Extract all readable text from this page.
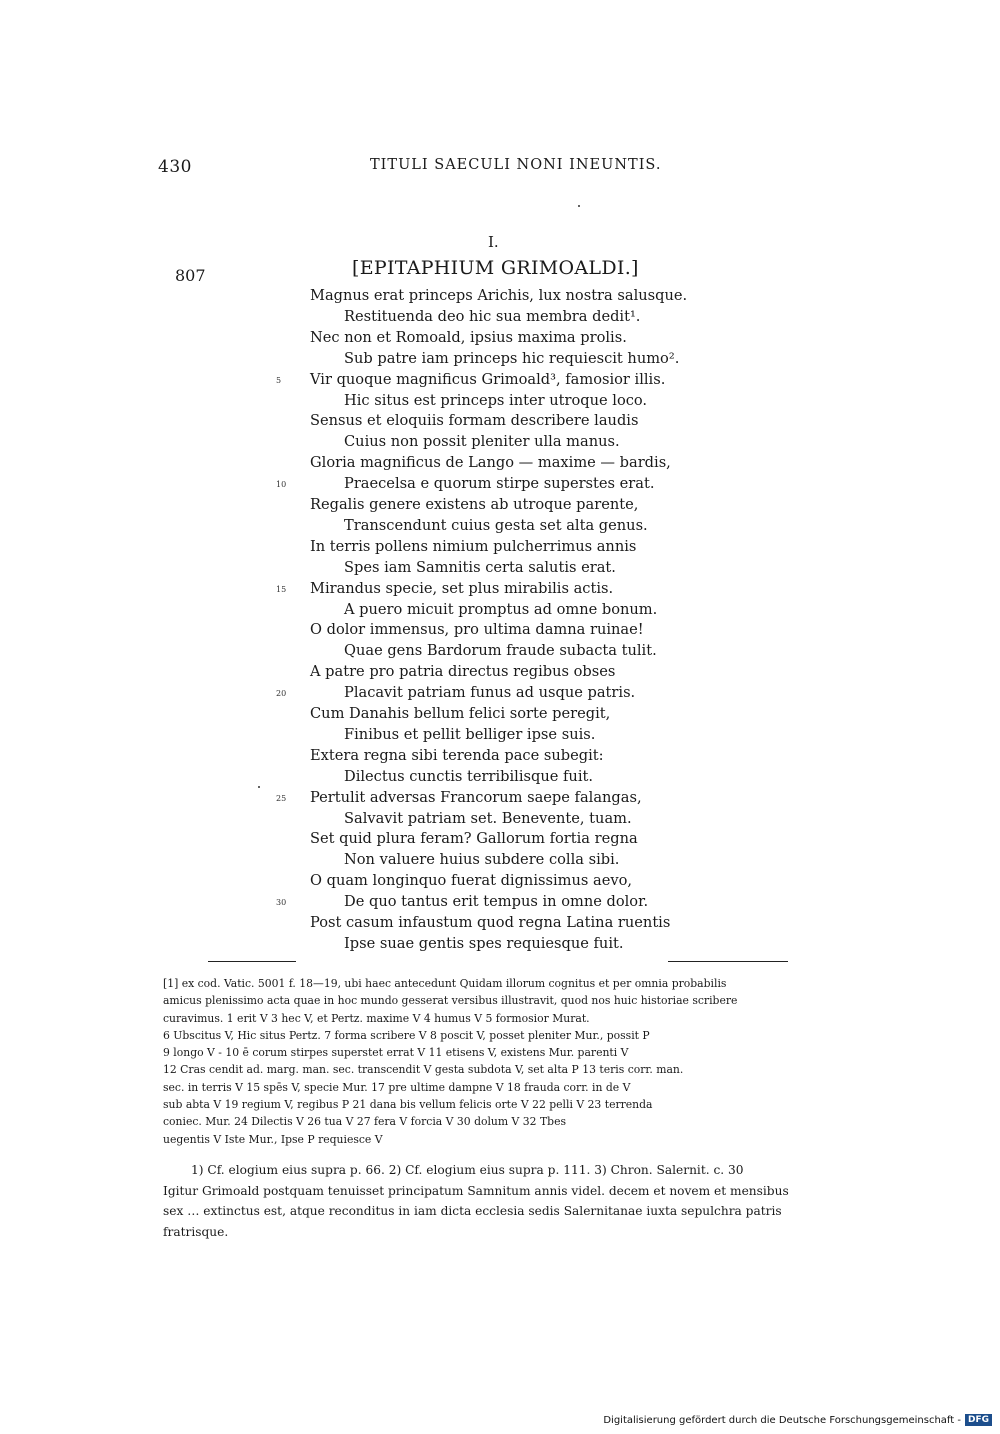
430	TITULI SAECULI NONI INEUNTIS.
I.
807	[EPITAPHIUM GRIMOALDI.]
Magnus erat princeps Arichis, lux nostra salusque.
Restituenda deo hic sua membra dedit¹.
Nec non et Romoald, ipsius maxima prolis.
Sub patre iam princeps hic requiescit humo².
Vir quoque magnificus Grimoald³, famosior illis.
Hic situs est princeps inter utroque loco.
Sensus et eloquiis formam describere laudis
Cuius non possit pleniter ulla manus.
Gloria magnificus de Lango — maxime — bardis,
Praecelsa e quorum stirpe superstes erat.
Regalis genere existens ab utroque parente,
Transcendunt cuius gesta set alta genus.
In terris pollens nimium pulcherrimus annis
Spes iam Samnitis certa salutis erat.
Mirandus specie, set plus mirabilis actis.
A puero micuit promptus ad omne bonum.
O dolor immensus, pro ultima damna ruinae!
Quae gens Bardorum fraude subacta tulit.
A patre pro patria directus regibus obses
Placavit patriam funus ad usque patris.
Cum Danahis bellum felici sorte peregit,
Finibus et pellit belliger ipse suis.
Extera regna sibi terenda pace subegit:
Dilectus cunctis terribilisque fuit.
Pertulit adversas Francorum saepe falangas,
Salvavit patriam set. Benevente, tuam.
Set quid plura feram? Gallorum fortia regna
Non valuere huius subdere colla sibi.
O quam longinquo fuerat dignissimus aevo,
De quo tantus erit tempus in omne dolor.
Post casum infaustum quod regna Latina ruentis
Ipse suae gentis spes requiesque fuit.
5
10
15
20
25
30
[1] ex cod. Vatic. 5001 f. 18—19, ubi haec antecedunt Quidam illorum cognitus et per omnia probabilis
amicus plenissimo acta quae in hoc mundo gesserat versibus illustravit, quod nos huic historiae scribere
curavimus. 1 erit V 3 hec V, et Pertz. maxime V 4 humus V 5 formosior Murat.
6 Ubscitus V, Hic situs Pertz. 7 forma scribere V 8 poscit V, posset pleniter Mur., possit P
9 longo V - 10 ē corum stirpes superstet errat V 11 etisens V, existens Mur. parenti V
12 Cras cendit ad. marg. man. sec. transcendit V gesta subdota V, set alta P 13 teris corr. man.
sec. in terris V 15 spēs V, specie Mur. 17 pre ultime dampne V 18 frauda corr. in de V
sub abta V 19 regium V, regibus P 21 dana bis vellum felicis orte V 22 pelli V 23 terrenda
coniec. Mur. 24 Dilectis V 26 tua V 27 fera V forcia V 30 dolum V 32 Tbes
uegentis V Iste Mur., Ipse P requiesce V
1) Cf. elogium eius supra p. 66. 2) Cf. elogium eius supra p. 111. 3) Chron. Salernit. c. 30
Igitur Grimoald postquam tenuisset principatum Samnitum annis videl. decem et novem et mensibus
sex … extinctus est, atque reconditus in iam dicta ecclesia sedis Salernitanae iuxta sepulchra patris
fratrisque.
Digitalisierung gefördert durch die Deutsche Forschungsgemeinschaft - DFG
